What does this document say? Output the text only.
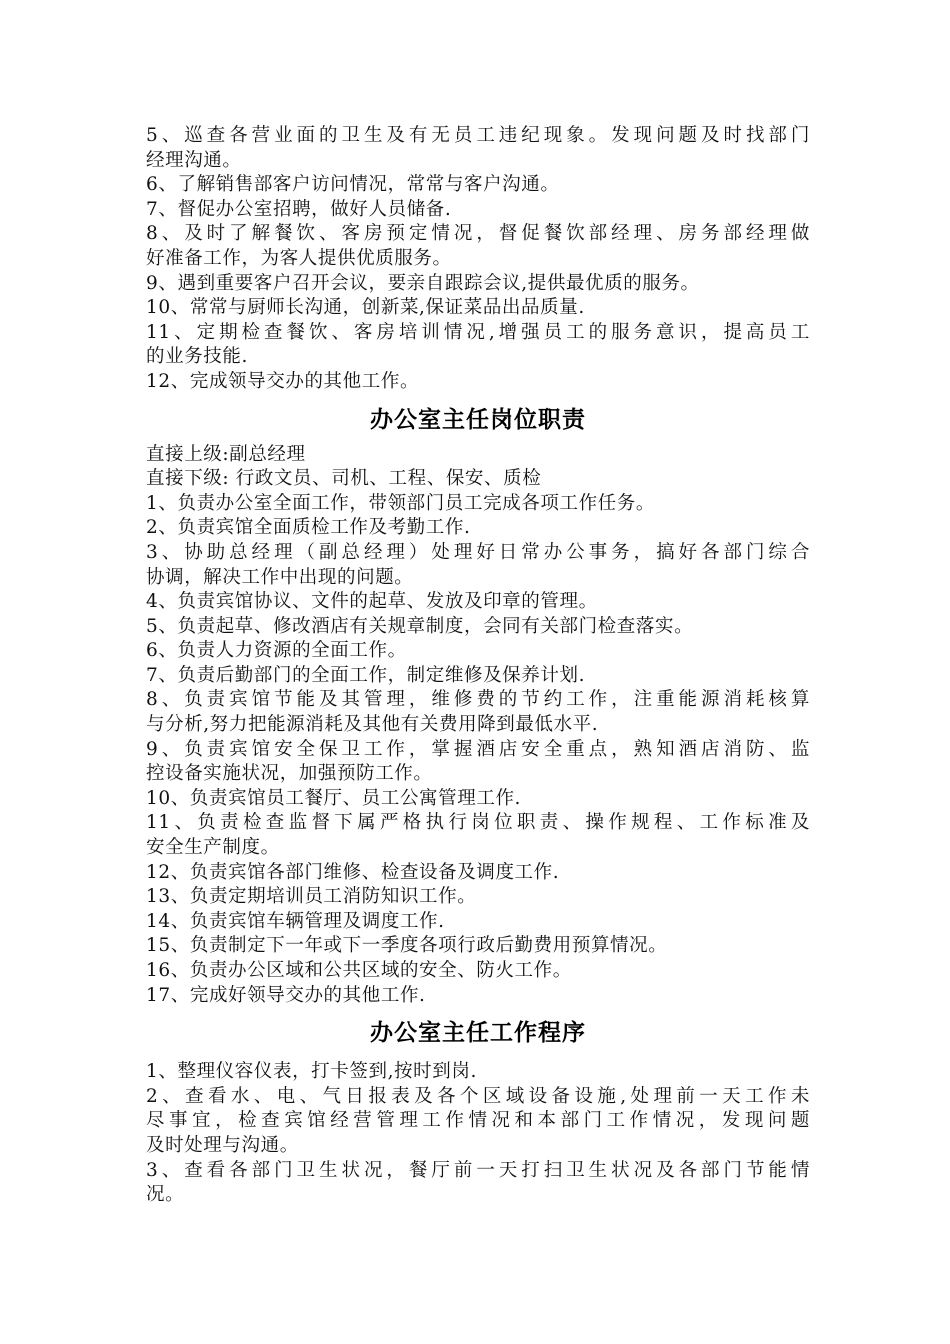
5、巡查各营业面的卫生及有无员工违纪现象。发现问题及时找部门
经理沟通。
6、了解销售部客户访问情况，常常与客户沟通。
7、督促办公室招聘，做好人员储备.
8、及时了解餐饮、客房预定情况，督促餐饮部经理、房务部经理做
好准备工作，为客人提供优质服务。
9、遇到重要客户召开会议，要亲自跟踪会议,提供最优质的服务。
10、常常与厨师长沟通，创新菜,保证菜品出品质量.
11、定期检查餐饮、客房培训情况,增强员工的服务意识，提高员工
的业务技能.
12、完成领导交办的其他工作。
办公室主任岗位职责
直接上级:副总经理
直接下级: 行政文员、司机、工程、保安、质检
1、负责办公室全面工作，带领部门员工完成各项工作任务。
2、负责宾馆全面质检工作及考勤工作.
3、协助总经理（副总经理）处理好日常办公事务，搞好各部门综合
协调，解决工作中出现的问题。
4、负责宾馆协议、文件的起草、发放及印章的管理。
5、负责起草、修改酒店有关规章制度，会同有关部门检查落实。
6、负责人力资源的全面工作。
7、负责后勤部门的全面工作，制定维修及保养计划.
8、负责宾馆节能及其管理，维修费的节约工作，注重能源消耗核算
与分析,努力把能源消耗及其他有关费用降到最低水平.
9、负责宾馆安全保卫工作，掌握酒店安全重点，熟知酒店消防、监
控设备实施状况，加强预防工作。
10、负责宾馆员工餐厅、员工公寓管理工作.
11、负责检查监督下属严格执行岗位职责、操作规程、工作标准及
安全生产制度。
12、负责宾馆各部门维修、检查设备及调度工作.
13、负责定期培训员工消防知识工作。
14、负责宾馆车辆管理及调度工作.
15、负责制定下一年或下一季度各项行政后勤费用预算情况。
16、负责办公区域和公共区域的安全、防火工作。
17、完成好领导交办的其他工作.
办公室主任工作程序
1、整理仪容仪表，打卡签到,按时到岗.
2、查看水、电、气日报表及各个区域设备设施,处理前一天工作未
尽事宜，检查宾馆经营管理工作情况和本部门工作情况，发现问题
及时处理与沟通。
3、查看各部门卫生状况，餐厅前一天打扫卫生状况及各部门节能情
况。
